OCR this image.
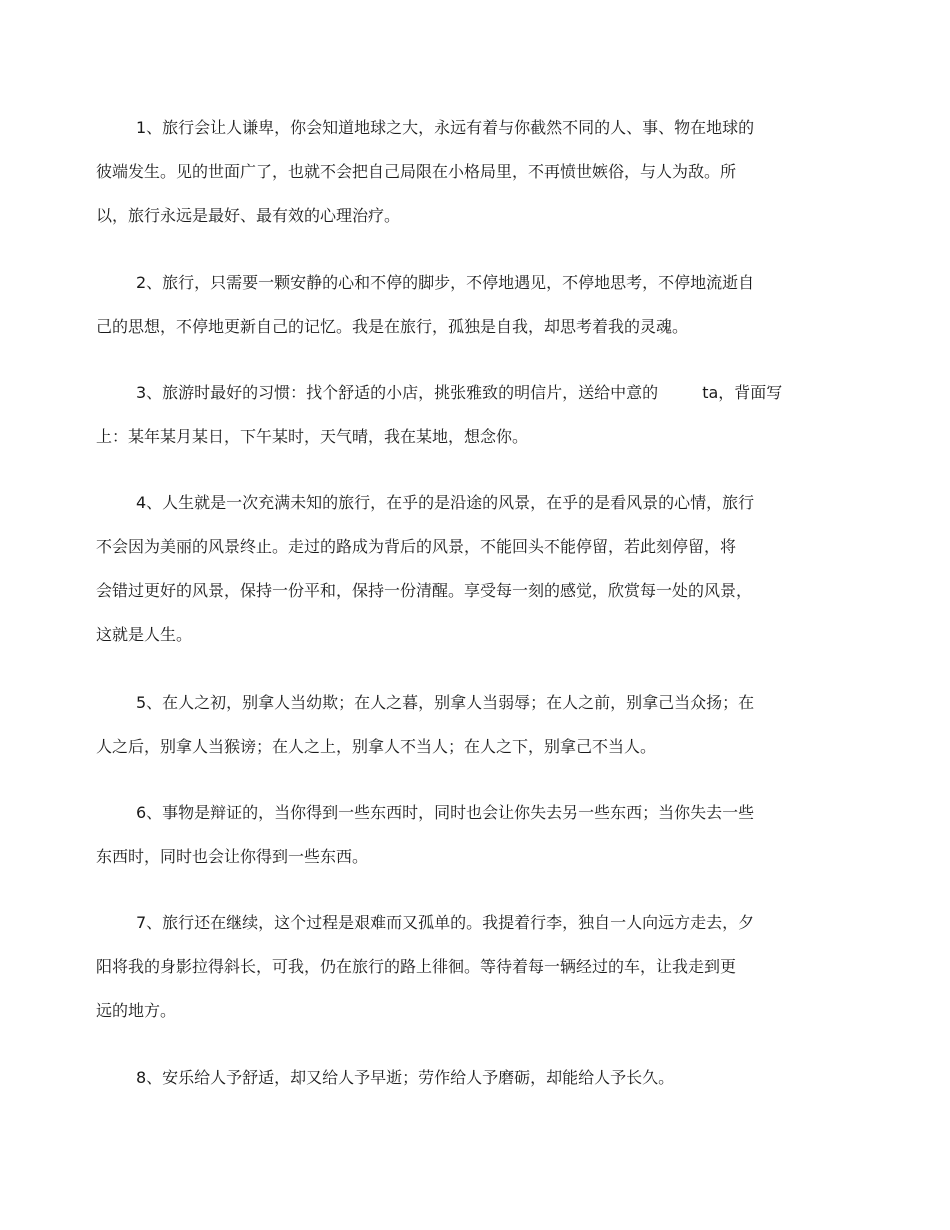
1、旅行会让人谦卑，你会知道地球之大，永远有着与你截然不同的人、事、物在地球的
彼端发生。见的世面广了，也就不会把自己局限在小格局里，不再愤世嫉俗，与人为敌。所
以，旅行永远是最好、最有效的心理治疗。
2、旅行，只需要一颗安静的心和不停的脚步，不停地遇见，不停地思考，不停地流逝自
己的思想，不停地更新自己的记忆。我是在旅行，孤独是自我，却思考着我的灵魂。
3、旅游时最好的习惯：找个舒适的小店，挑张雅致的明信片，送给中意的	ta，背面写
上：某年某月某日，下午某时，天气晴，我在某地，想念你。
4、人生就是一次充满未知的旅行，在乎的是沿途的风景，在乎的是看风景的心情，旅行
不会因为美丽的风景终止。走过的路成为背后的风景，不能回头不能停留，若此刻停留，将
会错过更好的风景，保持一份平和，保持一份清醒。享受每一刻的感觉，欣赏每一处的风景，
这就是人生。
5、在人之初，别拿人当幼欺；在人之暮，别拿人当弱辱；在人之前，别拿己当众扬；在
人之后，别拿人当猴谤；在人之上，别拿人不当人；在人之下，别拿己不当人。
6、事物是辩证的，当你得到一些东西时，同时也会让你失去另一些东西；当你失去一些
东西时，同时也会让你得到一些东西。
7、旅行还在继续，这个过程是艰难而又孤单的。我提着行李，独自一人向远方走去，夕
阳将我的身影拉得斜长，可我，仍在旅行的路上徘徊。等待着每一辆经过的车，让我走到更
远的地方。
8、安乐给人予舒适，却又给人予早逝；劳作给人予磨砺，却能给人予长久。
